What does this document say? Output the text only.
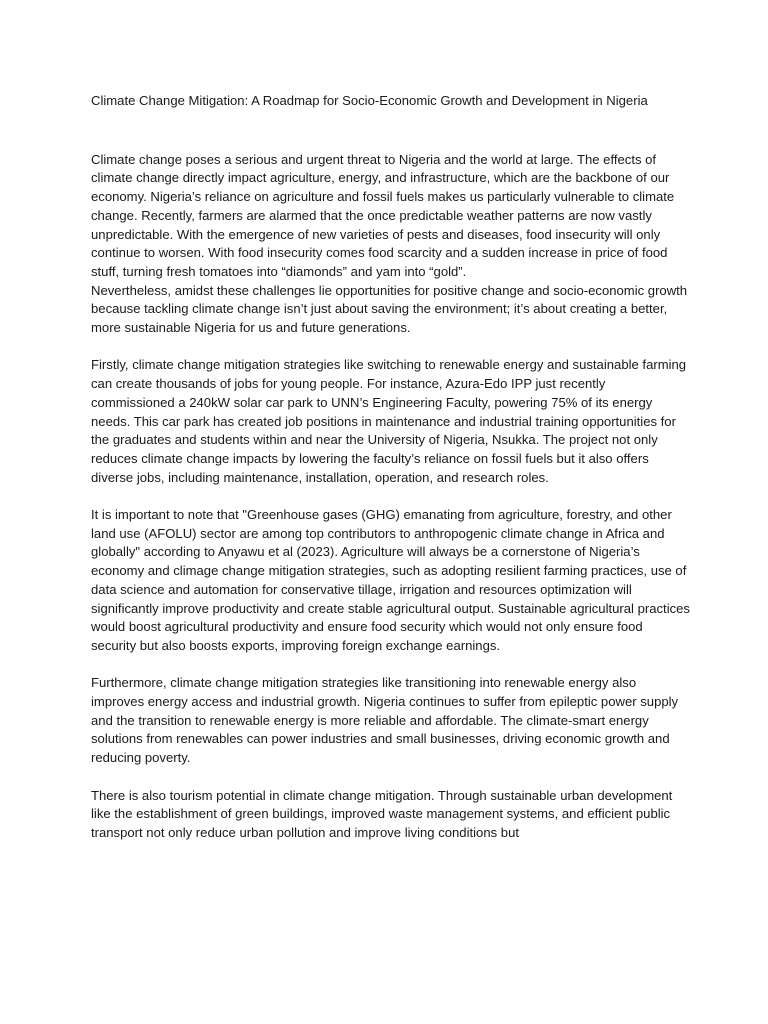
Climate Change Mitigation: A Roadmap for Socio-Economic Growth and Development in Nigeria

Climate change poses a serious and urgent threat to Nigeria and the world at large. The effects of climate change directly impact agriculture, energy, and infrastructure, which are the backbone of our economy. Nigeria’s reliance on agriculture and fossil fuels makes us particularly vulnerable to climate change. Recently, farmers are alarmed that the once predictable weather patterns are now vastly unpredictable. With the emergence of new varieties of pests and diseases, food insecurity will only continue to worsen. With food insecurity comes food scarcity and a sudden increase in price of food stuff, turning fresh tomatoes into “diamonds” and yam into “gold”.

Nevertheless, amidst these challenges lie opportunities for positive change and socio-economic growth because tackling climate change isn’t just about saving the environment; it’s about creating a better, more sustainable Nigeria for us and future generations.

Firstly, climate change mitigation strategies like switching to renewable energy and sustainable farming can create thousands of jobs for young people. For instance, Azura-Edo IPP just recently commissioned a 240kW solar car park to UNN’s Engineering Faculty, powering 75% of its energy needs. This car park has created job positions in maintenance and industrial training opportunities for the graduates and students within and near the University of Nigeria, Nsukka. The project not only reduces climate change impacts by lowering the faculty’s reliance on fossil fuels but it also offers diverse jobs, including maintenance, installation, operation, and research roles.

It is important to note that "Greenhouse gases (GHG) emanating from agriculture, forestry, and other land use (AFOLU) sector are among top contributors to anthropogenic climate change in Africa and globally" according to Anyawu et al (2023). Agriculture will always be a cornerstone of Nigeria’s economy and climage change mitigation strategies, such as adopting resilient farming practices, use of data science and automation for conservative tillage, irrigation and resources optimization will significantly improve productivity and create stable agricultural output. Sustainable agricultural practices would boost agricultural productivity and ensure food security which would not only ensure food security but also boosts exports, improving foreign exchange earnings.

Furthermore, climate change mitigation strategies like transitioning into renewable energy also improves energy access and industrial growth. Nigeria continues to suffer from epileptic power supply and the transition to renewable energy is more reliable and affordable. The climate-smart energy solutions from renewables can power industries and small businesses, driving economic growth and reducing poverty.

There is also tourism potential in climate change mitigation. Through sustainable urban development like the establishment of green buildings, improved waste management systems, and efficient public transport not only reduce urban pollution and improve living conditions but
